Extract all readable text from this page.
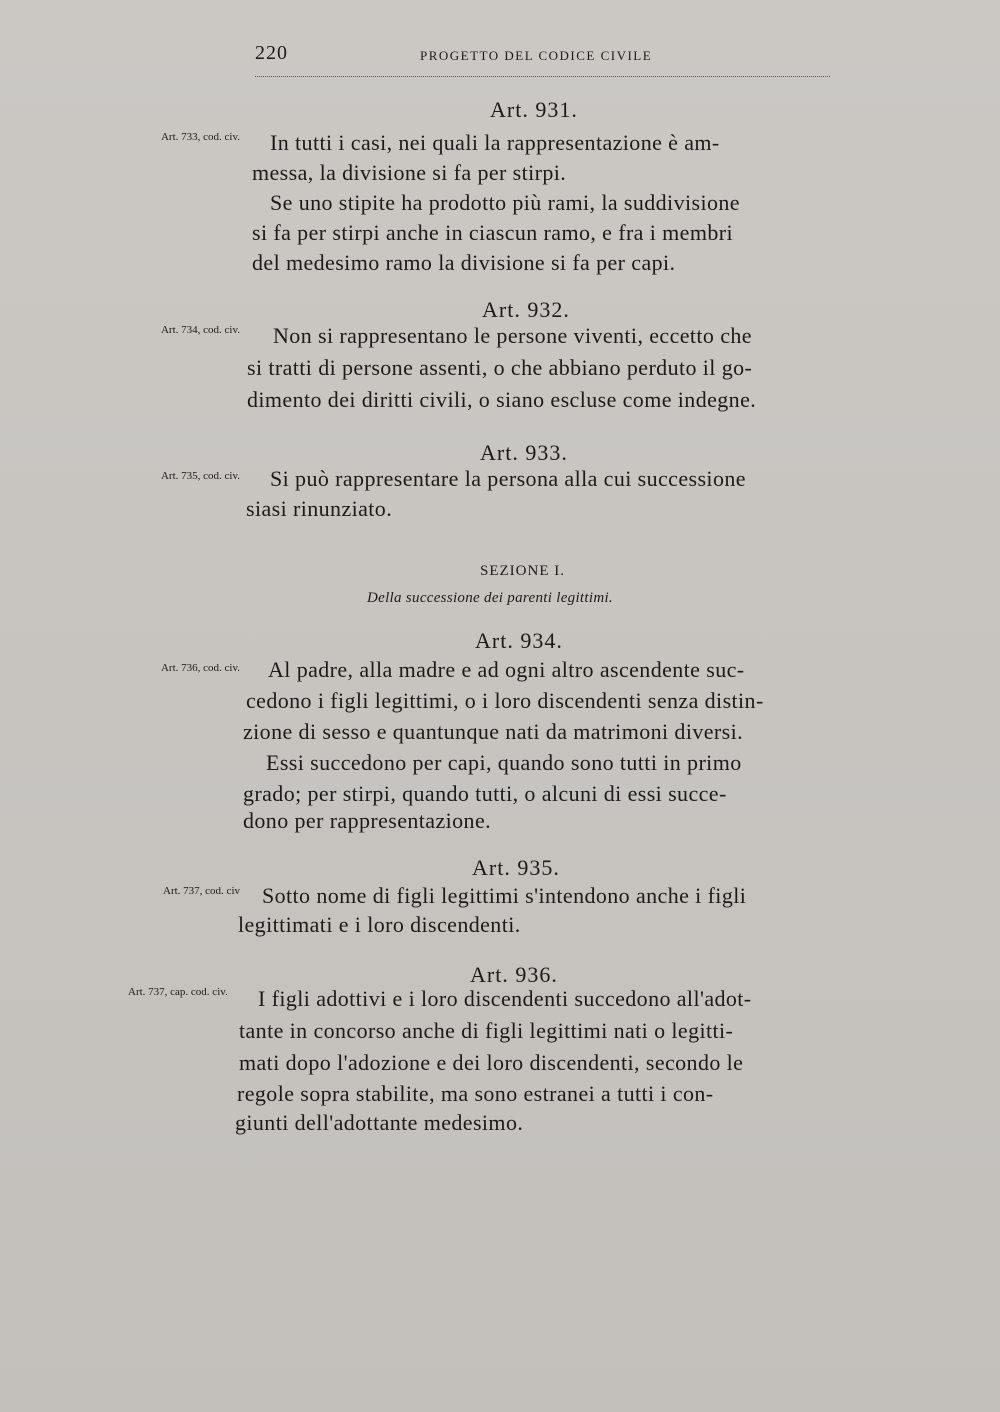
220	PROGETTO DEL CODICE CIVILE
Art. 931.
Art. 733, cod. civ. In tutti i casi, nei quali la rappresentazione è am-
messa, la divisione si fa per stirpi.
Se uno stipite ha prodotto più rami, la suddivisione
si fa per stirpi anche in ciascun ramo, e fra i membri
del medesimo ramo la divisione si fa per capi.
Art. 932.
Art. 734, cod. civ. Non si rappresentano le persone viventi, eccetto che
si tratti di persone assenti, o che abbiano perduto il go-
dimento dei diritti civili, o siano escluse come indegne.
Art. 933.
Art. 735, cod. civ. Si può rappresentare la persona alla cui successione
siasi rinunziato.
SEZIONE I.
Della successione dei parenti legittimi.
Art. 934.
Art. 736, cod. civ. Al padre, alla madre e ad ogni altro ascendente suc-
cedono i figli legittimi, o i loro discendenti senza distin-
zione di sesso e quantunque nati da matrimoni diversi.
Essi succedono per capi, quando sono tutti in primo
grado; per stirpi, quando tutti, o alcuni di essi succe-
dono per rappresentazione.
Art. 935.
Art. 737, cod. civ Sotto nome di figli legittimi s'intendono anche i figli
legittimati e i loro discendenti.
Art. 936.
Art. 737, cap. cod. civ.	I figli adottivi e i loro discendenti succedono all'adot-
tante in concorso anche di figli legittimi nati o legitti-
mati dopo l'adozione e dei loro discendenti, secondo le
regole sopra stabilite, ma sono estranei a tutti i con-
giunti dell'adottante medesimo.
